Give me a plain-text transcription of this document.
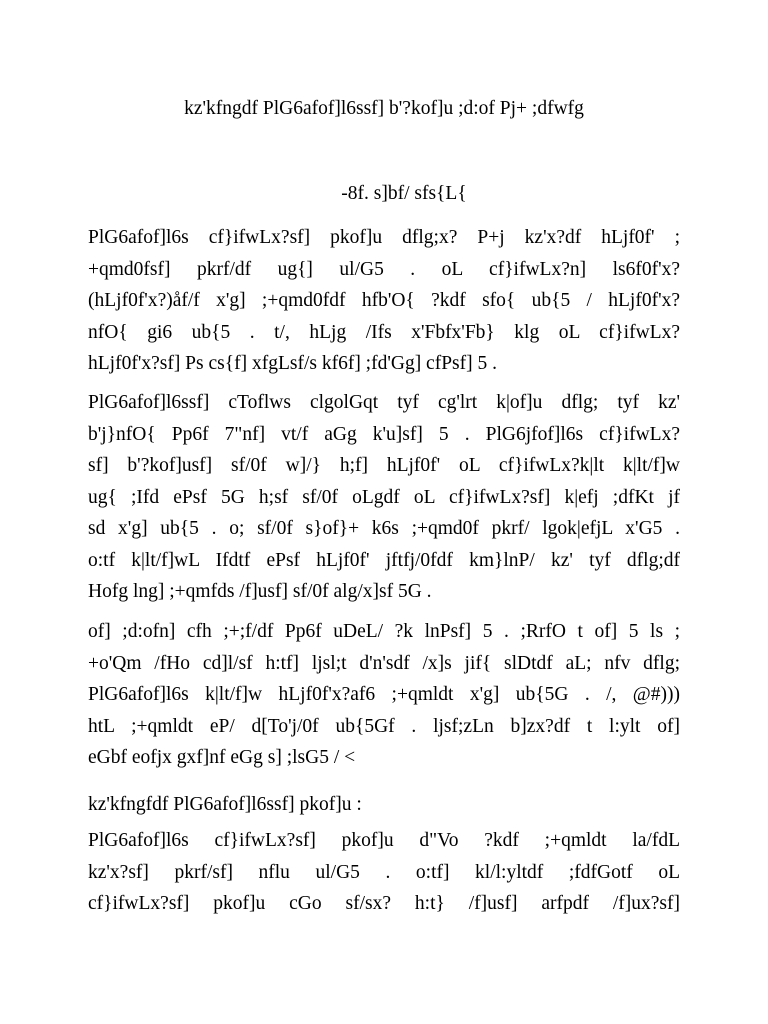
kz'kfngdf PlG6afof]l6ssf] b'?kof]u ;d:of Pj+ ;dfwfg

-8f. s]bf/ sfs{L{

PlG6afof]l6s cf}ifwLx?sf] pkof]u dflg;x? P+j kz'x?df hLjf0f' ;
+qmd0fsf] pkrf/df ug{] ul/G5 . oL cf}ifwLx?n] ls6f0f'x?
(hLjf0f'x?)åf/f x'g] ;+qmd0fdf hfb'O{ ?kdf sfo{ ub{5 / hLjf0f'x?
nfO{ gi6 ub{5 . t/, hLjg /Ifs x'Fbfx'Fb} klg oL cf}ifwLx?
hLjf0f'x?sf] Ps cs{f] xfgLsf/s kf6f] ;fd'Gg] cfPsf] 5 .
PlG6afof]l6ssf] cToflws clgolGqt tyf cg'lrt k|of]u dflg; tyf kz'
b'j}nfO{ Pp6f 7"nf] vt/f aGg k'u]sf] 5 . PlG6jfof]l6s cf}ifwLx?
sf] b'?kof]usf] sf/0f w]/} h;f] hLjf0f' oL cf}ifwLx?k|lt k|lt/f]w
ug{ ;Ifd ePsf 5G h;sf sf/0f oLgdf oL cf}ifwLx?sf] k|efj ;dfKt jf
sd x'g] ub{5 . o; sf/0f s}of}+ k6s ;+qmd0f pkrf/ lgok|efjL x'G5 .
o:tf k|lt/f]wL Ifdtf ePsf hLjf0f' jftfj/0fdf km}lnP/ kz' tyf dflg;df
Hofg lng] ;+qmfds /f]usf] sf/0f alg/x]sf 5G .
of] ;d:ofn] cfh ;+;f/df Pp6f uDeL/ ?k lnPsf] 5 . ;RrfO t of] 5 ls ;
+o'Qm /fHo cd]l/sf h:tf] ljsl;t d'n'sdf /x]s jif{ slDtdf aL; nfv dflg;
PlG6afof]l6s k|lt/f]w hLjf0f'x?af6 ;+qmldt x'g] ub{5G . /, @#)))
htL ;+qmldt eP/ d[To'j/0f ub{5Gf . ljsf;zLn b]zx?df t l:ylt of]
eGbf eofjx gxf]nf eGg s] ;lsG5 / <

kz'kfngfdf PlG6afof]l6ssf] pkof]u :

PlG6afof]l6s cf}ifwLx?sf] pkof]u d"Vo ?kdf ;+qmldt la/fdL
kz'x?sf] pkrf/sf] nflu ul/G5 . o:tf] kl/l:yltdf ;fdfGotf oL
cf}ifwLx?sf] pkof]u cGo sf/sx? h:t} /f]usf] arfpdf /f]ux?sf]
